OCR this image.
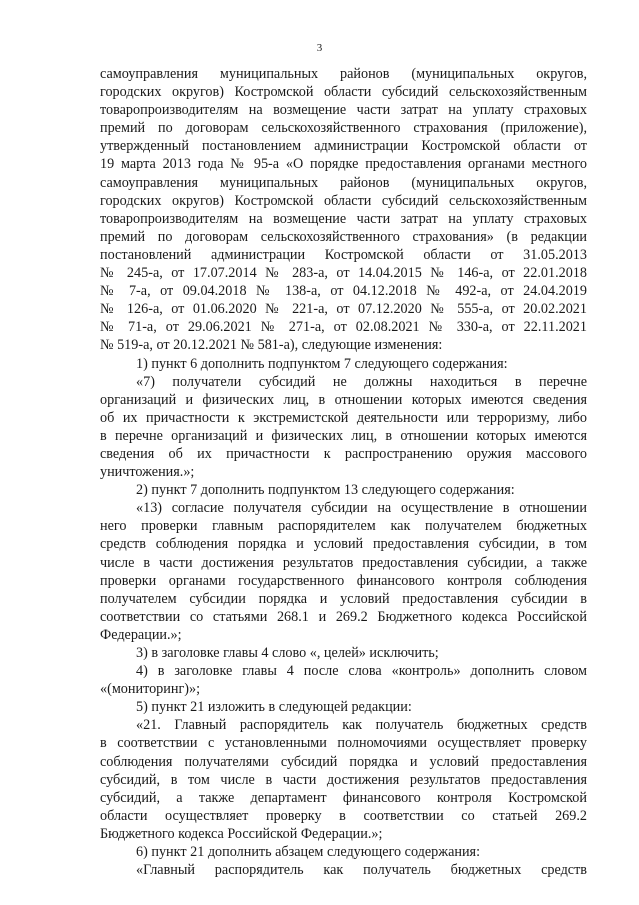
3
самоуправления муниципальных районов (муниципальных округов,
городских округов) Костромской области субсидий сельскохозяйственным
товаропроизводителям на возмещение части затрат на уплату страховых
премий по договорам сельскохозяйственного страхования (приложение),
утвержденный постановлением администрации Костромской области от
19 марта 2013 года № 95-а «О порядке предоставления органами местного
самоуправления муниципальных районов (муниципальных округов,
городских округов) Костромской области субсидий сельскохозяйственным
товаропроизводителям на возмещение части затрат на уплату страховых
премий по договорам сельскохозяйственного страхования» (в редакции
постановлений администрации Костромской области от 31.05.2013
№ 245-а, от 17.07.2014 № 283-а, от 14.04.2015 № 146-а, от 22.01.2018
№ 7-а, от 09.04.2018 № 138-а, от 04.12.2018 № 492-а, от 24.04.2019
№ 126-а, от 01.06.2020 № 221-а, от 07.12.2020 № 555-а, от 20.02.2021
№ 71-а, от 29.06.2021 № 271-а, от 02.08.2021 № 330-а, от 22.11.2021
№ 519-а, от 20.12.2021 № 581-а), следующие изменения:
1) пункт 6 дополнить подпунктом 7 следующего содержания:
«7) получатели субсидий не должны находиться в перечне
организаций и физических лиц, в отношении которых имеются сведения
об их причастности к экстремистской деятельности или терроризму, либо
в перечне организаций и физических лиц, в отношении которых имеются
сведения об их причастности к распространению оружия массового
уничтожения.»;
2) пункт 7 дополнить подпунктом 13 следующего содержания:
«13) согласие получателя субсидии на осуществление в отношении
него проверки главным распорядителем как получателем бюджетных
средств соблюдения порядка и условий предоставления субсидии, в том
числе в части достижения результатов предоставления субсидии, а также
проверки органами государственного финансового контроля соблюдения
получателем субсидии порядка и условий предоставления субсидии в
соответствии со статьями 268.1 и 269.2 Бюджетного кодекса Российской
Федерации.»;
3) в заголовке главы 4 слово «, целей» исключить;
4) в заголовке главы 4 после слова «контроль» дополнить словом
«(мониторинг)»;
5) пункт 21 изложить в следующей редакции:
«21. Главный распорядитель как получатель бюджетных средств
в соответствии с установленными полномочиями осуществляет проверку
соблюдения получателями субсидий порядка и условий предоставления
субсидий, в том числе в части достижения результатов предоставления
субсидий, а также департамент финансового контроля Костромской
области осуществляет проверку в соответствии со статьей 269.2
Бюджетного кодекса Российской Федерации.»;
6) пункт 21 дополнить абзацем следующего содержания:
«Главный распорядитель как получатель бюджетных средств
